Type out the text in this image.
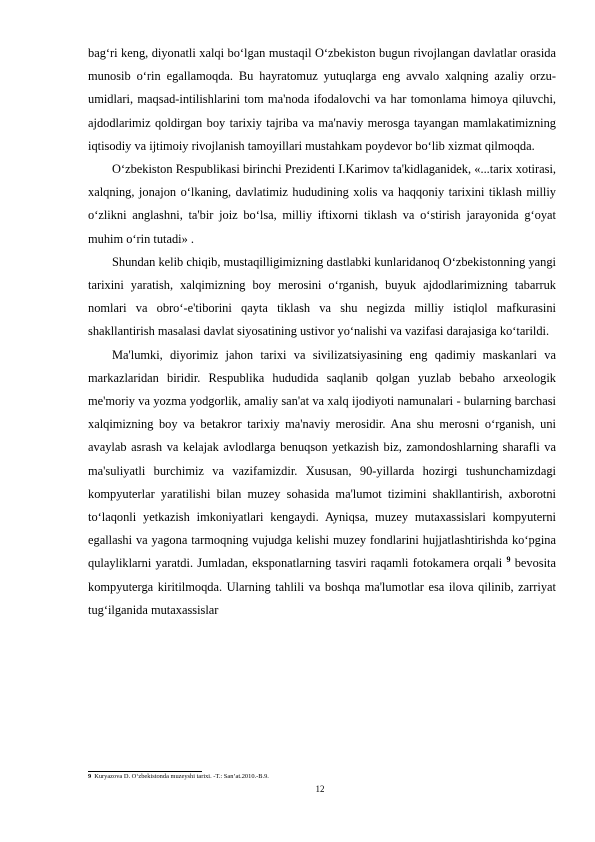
bag‘ri keng, diyonatli xalqi bo‘lgan mustaqil O‘zbekiston bugun rivojlangan davlatlar orasida munosib o‘rin egallamoqda. Bu hayratomuz yutuqlarga eng avvalo xalqning azaliy orzu-umidlari, maqsad-intilishlarini tom ma'noda ifodalovchi va har tomonlama himoya qiluvchi, ajdodlarimiz qoldirgan boy tarixiy tajriba va ma'naviy merosga tayangan mamlakatimizning iqtisodiy va ijtimoiy rivojlanish tamoyillari mustahkam poydevor bo‘lib xizmat qilmoqda.

O‘zbekiston Respublikasi birinchi Prezidenti I.Karimov ta'kidlaganidek, «...tarix xotirasi, xalqning, jonajon o‘lkaning, davlatimiz hududining xolis va haqqoniy tarixini tiklash milliy o‘zlikni anglashni, ta'bir joiz bo‘lsa, milliy iftixorni tiklash va o‘stirish jarayonida g‘oyat muhim o‘rin tutadi» .

Shundan kelib chiqib, mustaqilligimizning dastlabki kunlaridanoq O‘zbekistonning yangi tarixini yaratish, xalqimizning boy merosini o‘rganish, buyuk ajdodlarimizning tabarruk nomlari va obro‘-e'tiborini qayta tiklash va shu negizda milliy istiqlol mafkurasini shakllantirish masalasi davlat siyosatining ustivor yo‘nalishi va vazifasi darajasiga ko‘tarildi.

Ma'lumki, diyorimiz jahon tarixi va sivilizatsiyasining eng qadimiy maskanlari va markazlaridan biridir. Respublika hududida saqlanib qolgan yuzlab bebaho arxeologik me'moriy va yozma yodgorlik, amaliy san'at va xalq ijodiyoti namunalari - bularning barchasi xalqimizning boy va betakror tarixiy ma'naviy merosidir. Ana shu merosni o‘rganish, uni avaylab asrash va kelajak avlodlarga benuqson yetkazish biz, zamondoshlarning sharafli va ma'suliyatli burchimiz va vazifamizdir. Xususan, 90-yillarda hozirgi tushunchamizdagi kompyuterlar yaratilishi bilan muzey sohasida ma'lumot tizimini shakllantirish, axborotni to‘laqonli yetkazish imkoniyatlari kengaydi. Ayniqsa, muzey mutaxassislari kompyuterni egallashi va yagona tarmoqning vujudga kelishi muzey fondlarini hujjatlashtirishda ko‘pgina qulayliklarni yaratdi. Jumladan, eksponatlarning tasviri raqamli fotokamera orqali $^9$ bevosita kompyuterga kiritilmoqda. Ularning tahlili va boshqa ma'lumotlar esa ilova qilinib, zarriyat tug‘ilganida mutaxassislar

9 Kuryazova D. O‘zbekistonda muzeyshi tarixi. -T.: San’at.2010.-B.9.
12
